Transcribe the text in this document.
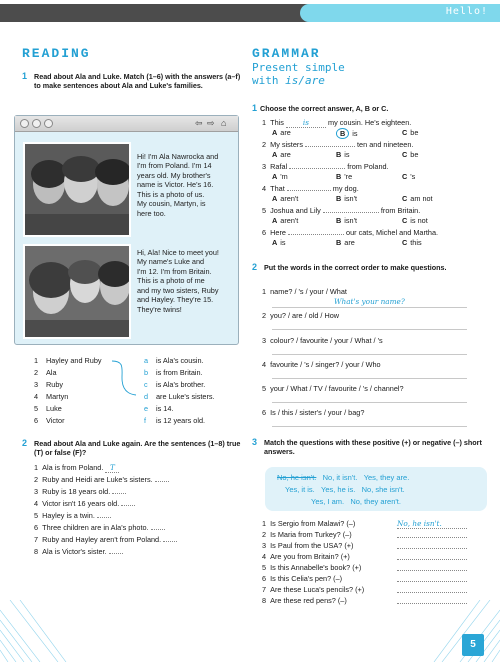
Hello!
READING
1 Read about Ala and Luke. Match (1–6) with the answers (a–f) to make sentences about Ala and Luke's families.
⇦ ⇨ ⌂
Hi! I'm Ala Nawrocka and
I'm from Poland. I'm 14
years old. My brother's
name is Victor. He's 16.
This is a photo of us.
My cousin, Martyn, is
here too.
Hi, Ala! Nice to meet you!
My name's Luke and
I'm 12. I'm from Britain.
This is a photo of me
and my two sisters, Ruby
and Hayley. They're 15.
They're twins!
1 Hayley and Ruby
2 Ala
3 Ruby
4 Martyn
5 Luke
6 Victor
a is Ala's cousin.
b is from Britain.
c is Ala's brother.
d are Luke's sisters.
e is 14.
f is 12 years old.
2 Read about Ala and Luke again. Are the sentences (1–8) true (T) or false (F)?
1 Ala is from Poland. T
2 Ruby and Heidi are Luke's sisters.
3 Ruby is 18 years old.
4 Victor isn't 16 years old.
5 Hayley is a twin.
6 Three children are in Ala's photo.
7 Ruby and Hayley aren't from Poland.
8 Ala is Victor's sister.
GRAMMAR
Present simple
with is/are
1 Choose the correct answer, A, B or C.
1 This	is	my cousin. He's eighteen.
A are	B is	C be
2 My sisters	ten and nineteen.
A are	B is	C be
3 Rafal	from Poland.
A 'm	B 're	C 's
4 That	my dog.
A aren't	B isn't	C am not
5 Joshua and Lily	from Britain.
A aren't	B isn't	C is not
6 Here	our cats, Michel and Martha.
A is	B are	C this
2 Put the words in the correct order to make questions.
1 name? / 's / your / What
What's your name?
2 you? / are / old / How
3 colour? / favourite / your / What / 's
4 favourite / 's / singer? / your / Who
5 your / What / TV / favourite / 's / channel?
6 Is / this / sister's / your / bag?
3 Match the questions with these positive (+) or negative (–) short answers.
No, he isn't. No, it isn't. Yes, they are.
Yes, it is. Yes, he is. No, she isn't.
Yes, I am. No, they aren't.
1 Is Sergio from Malawi? (–)	No, he isn't.
2 Is Maria from Turkey? (–)
3 Is Paul from the USA? (+)
4 Are you from Britain? (+)
5 Is this Annabelle's book? (+)
6 Is this Celia's pen? (–)
7 Are these Luca's pencils? (+)
8 Are these red pens? (–)
5
